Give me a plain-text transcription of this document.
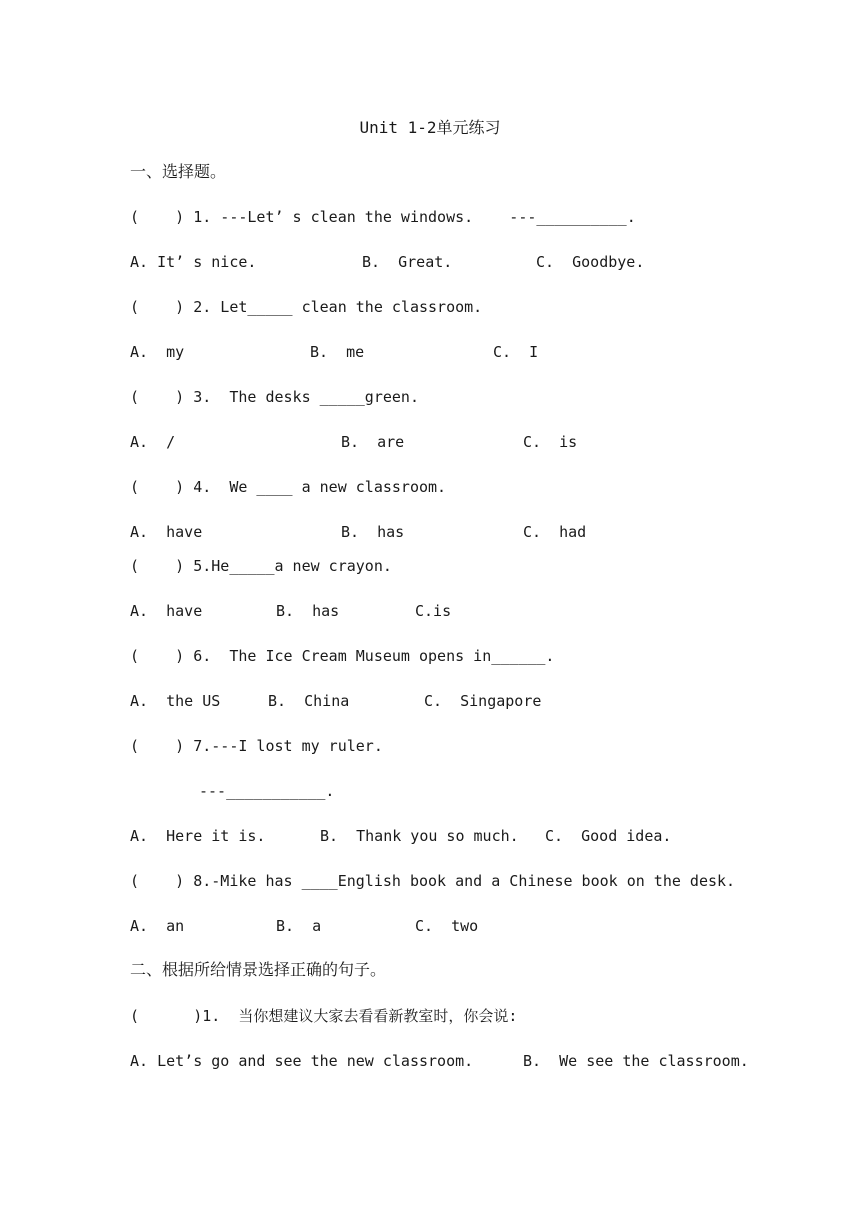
Unit 1-2单元练习
一、选择题。
(    ) 1. ---Let’ s clean the windows.    ---__________.
A. It’ s nice.	B.  Great.	C.  Goodbye.
(    ) 2. Let_____ clean the classroom.
A.  my	B.  me	C.  I
(    ) 3.  The desks _____green.
A.  /	B.  are	C.  is
(    ) 4.  We ____ a new classroom.
A.  have	B.  has	C.  had
(    ) 5.He_____a new crayon.
A.  have	B.  has	C.is
(    ) 6.  The Ice Cream Museum opens in______.
A.  the US	B.  China	C.  Singapore
(    ) 7.---I lost my ruler.
---___________.
A.  Here it is.	B.  Thank you so much. C.  Good idea.
(    ) 8.-Mike has ____English book and a Chinese book on the desk.
A.  an	B.  a	C.  two
二、根据所给情景选择正确的句子。
(      )1.  当你想建议大家去看看新教室时，你会说:
A. Let’s go and see the new classroom.	B.  We see the classroom.
